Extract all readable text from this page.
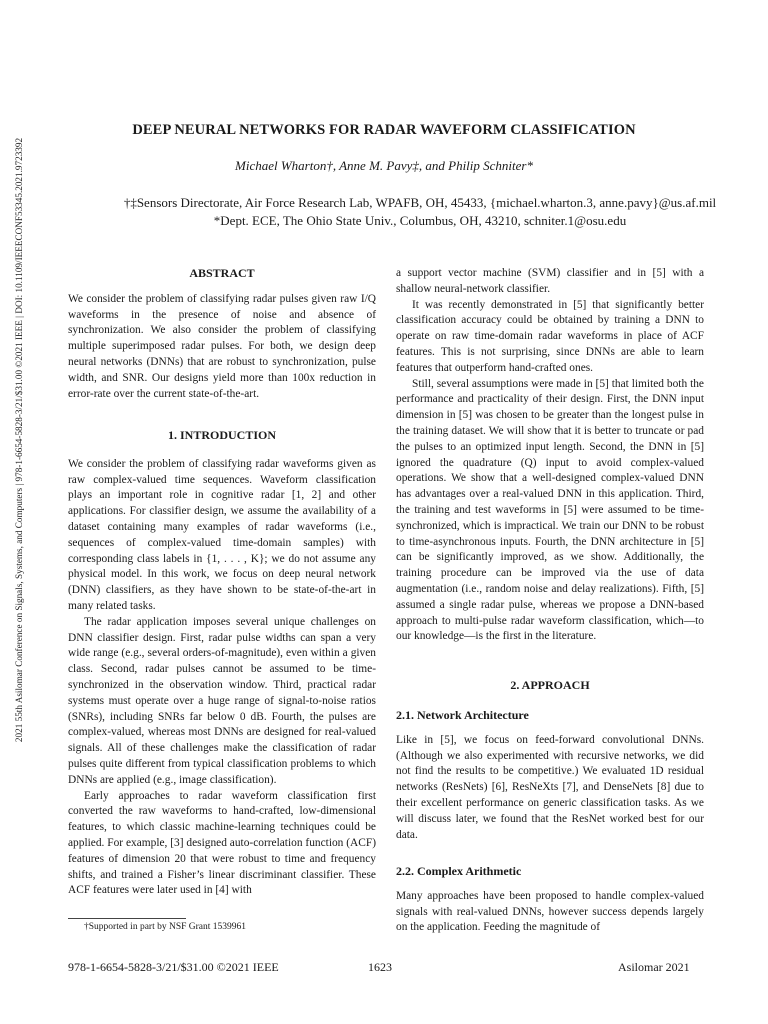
2021 55th Asilomar Conference on Signals, Systems, and Computers | 978-1-6654-5828-3/21/$31.00 ©2021 IEEE | DOI: 10.1109/IEEECONF53345.2021.9723392
DEEP NEURAL NETWORKS FOR RADAR WAVEFORM CLASSIFICATION
Michael Wharton†, Anne M. Pavy‡, and Philip Schniter*
†‡Sensors Directorate, Air Force Research Lab, WPAFB, OH, 45433, {michael.wharton.3, anne.pavy}@us.af.mil
*Dept. ECE, The Ohio State Univ., Columbus, OH, 43210, schniter.1@osu.edu

ABSTRACT

We consider the problem of classifying radar pulses given raw I/Q waveforms in the presence of noise and absence of synchronization. We also consider the problem of classifying multiple superimposed radar pulses. For both, we design deep neural networks (DNNs) that are robust to synchronization, pulse width, and SNR. Our designs yield more than 100x reduction in error-rate over the current state-of-the-art.

1. INTRODUCTION

We consider the problem of classifying radar waveforms given as raw complex-valued time sequences. Waveform classification plays an important role in cognitive radar [1, 2] and other applications. For classifier design, we assume the availability of a dataset containing many examples of radar waveforms (i.e., sequences of complex-valued time-domain samples) with corresponding class labels in {1, . . . , K}; we do not assume any physical model. In this work, we focus on deep neural network (DNN) classifiers, as they have shown to be state-of-the-art in many related tasks.

The radar application imposes several unique challenges on DNN classifier design. First, radar pulse widths can span a very wide range (e.g., several orders-of-magnitude), even within a given class. Second, radar pulses cannot be assumed to be time-synchronized in the observation window. Third, practical radar systems must operate over a huge range of signal-to-noise ratios (SNRs), including SNRs far below 0 dB. Fourth, the pulses are complex-valued, whereas most DNNs are designed for real-valued signals. All of these challenges make the classification of radar pulses quite different from typical classification problems to which DNNs are applied (e.g., image classification).

Early approaches to radar waveform classification first converted the raw waveforms to hand-crafted, low-dimensional features, to which classic machine-learning techniques could be applied. For example, [3] designed auto-correlation function (ACF) features of dimension 20 that were robust to time and frequency shifts, and trained a Fisher’s linear discriminant classifier. These ACF features were later used in [4] with

†Supported in part by NSF Grant 1539961

a support vector machine (SVM) classifier and in [5] with a shallow neural-network classifier.

It was recently demonstrated in [5] that significantly better classification accuracy could be obtained by training a DNN to operate on raw time-domain radar waveforms in place of ACF features. This is not surprising, since DNNs are able to learn features that outperform hand-crafted ones.

Still, several assumptions were made in [5] that limited both the performance and practicality of their design. First, the DNN input dimension in [5] was chosen to be greater than the longest pulse in the training dataset. We will show that it is better to truncate or pad the pulses to an optimized input length. Second, the DNN in [5] ignored the quadrature (Q) input to avoid complex-valued operations. We show that a well-designed complex-valued DNN has advantages over a real-valued DNN in this application. Third, the training and test waveforms in [5] were assumed to be time-synchronized, which is impractical. We train our DNN to be robust to time-asynchronous inputs. Fourth, the DNN architecture in [5] can be significantly improved, as we show. Additionally, the training procedure can be improved via the use of data augmentation (i.e., random noise and delay realizations). Fifth, [5] assumed a single radar pulse, whereas we propose a DNN-based approach to multi-pulse radar waveform classification, which—to our knowledge—is the first in the literature.

2. APPROACH

2.1. Network Architecture

Like in [5], we focus on feed-forward convolutional DNNs. (Although we also experimented with recursive networks, we did not find the results to be competitive.) We evaluated 1D residual networks (ResNets) [6], ResNeXts [7], and DenseNets [8] due to their excellent performance on generic classification tasks. As we will discuss later, we found that the ResNet worked best for our data.

2.2. Complex Arithmetic

Many approaches have been proposed to handle complex-valued signals with real-valued DNNs, however success depends largely on the application. Feeding the magnitude of

978-1-6654-5828-3/21/$31.00 ©2021 IEEE	1623	Asilomar 2021
